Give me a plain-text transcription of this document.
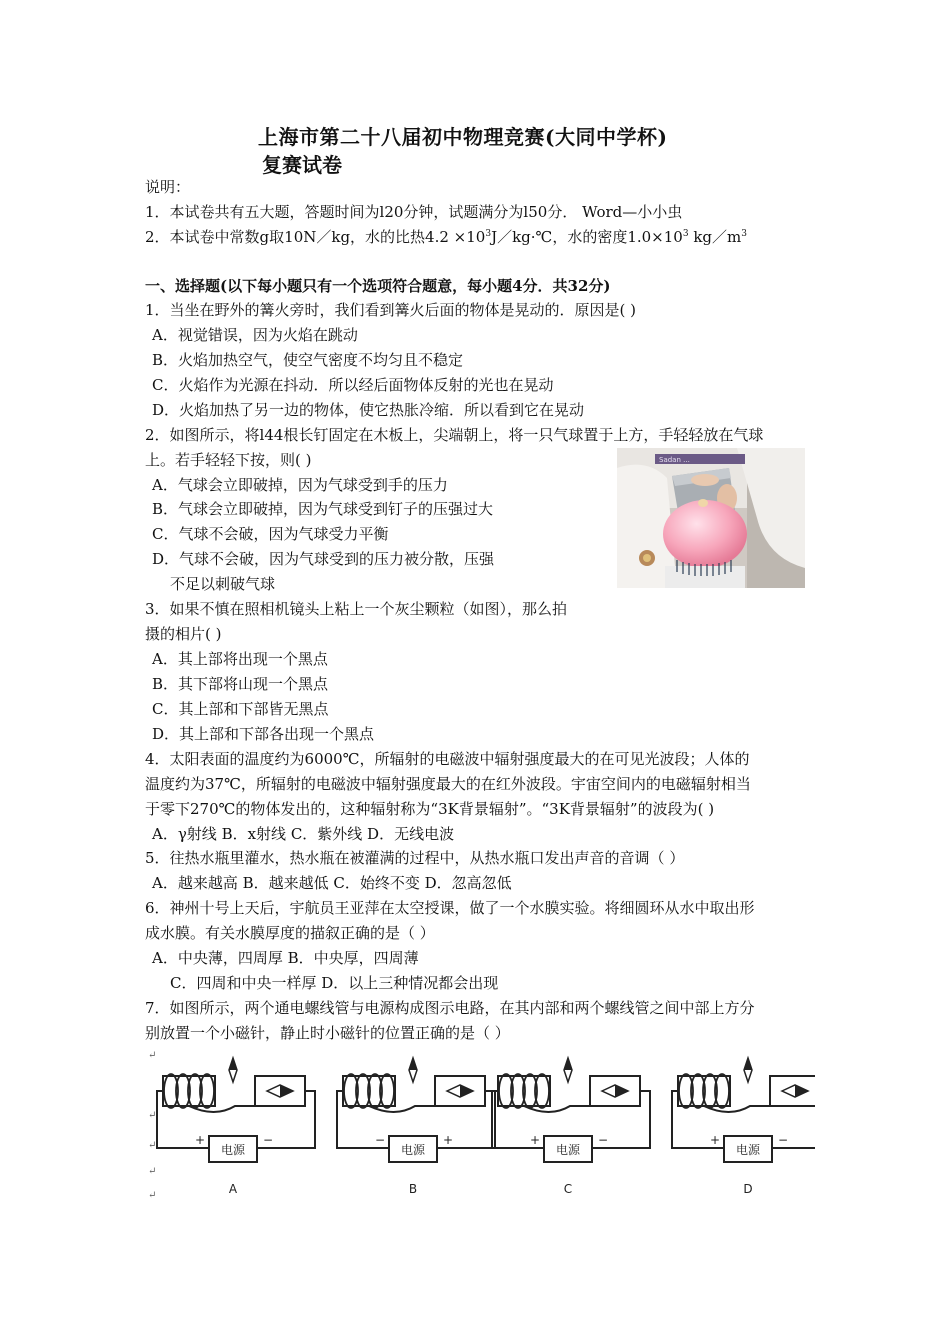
上海市第二十八届初中物理竞赛(大同中学杯)
复赛试卷
说明：
1．本试卷共有五大题，答题时间为l20分钟，试题满分为l50分． Word—小小虫
2．本试卷中常数g取10N／kg，水的比热$4.2 \times 10^3J/kg\cdot℃$，水的密度$1.0\times 10^3$ $kg/m^3$
一、选择题(以下每小题只有一个选项符合题意，每小题4分．共32分)
1．当坐在野外的篝火旁时，我们看到篝火后面的物体是晃动的．原因是( )
A．视觉错误，因为火焰在跳动
B．火焰加热空气，使空气密度不均匀且不稳定
C．火焰作为光源在抖动．所以经后面物体反射的光也在晃动
D．火焰加热了另一边的物体，使它热胀冷缩．所以看到它在晃动
2．如图所示，将l44根长钉固定在木板上，尖端朝上，将一只气球置于上方，手轻轻放在气球
上。若手轻轻下按，则( )
A．气球会立即破掉，因为气球受到手的压力
B．气球会立即破掉，因为气球受到钉子的压强过大
C．气球不会破，因为气球受力平衡
D．气球不会破，因为气球受到的压力被分散，压强
不足以刺破气球
Sadan ...
3．如果不慎在照相机镜头上粘上一个灰尘颗粒（如图），那么拍
摄的相片( )
A．其上部将出现一个黑点
B．其下部将山现一个黑点
C．其上部和下部皆无黑点
D．其上部和下部各出现一个黑点
4．太阳表面的温度约为6000℃，所辐射的电磁波中辐射强度最大的在可见光波段；人体的
温度约为37℃，所辐射的电磁波中辐射强度最大的在红外波段。宇宙空间内的电磁辐射相当
于零下270℃的物体发出的，这种辐射称为“3K背景辐射”。“3K背景辐射”的波段为( )
A．γ射线 B．x射线 C．紫外线 D．无线电波
5．往热水瓶里灌水，热水瓶在被灌满的过程中，从热水瓶口发出声音的音调（ ）
A．越来越高 B．越来越低 C．始终不变 D．忽高忽低
6．神州十号上天后，宇航员王亚萍在太空授课，做了一个水膜实验。将细圆环从水中取出形
成水膜。有关水膜厚度的描叙正确的是（ ）
A．中央薄，四周厚 B．中央厚，四周薄
C．四周和中央一样厚 D．以上三种情况都会出现
7．如图所示，两个通电螺线管与电源构成图示电路，在其内部和两个螺线管之间中部上方分
别放置一个小磁针，静止时小磁针的位置正确的是（ ）
↵
↵
↵
↵
↵
电源
+	−
A
电源
−	+
B
电源
+	−
C
电源
+	−
D
